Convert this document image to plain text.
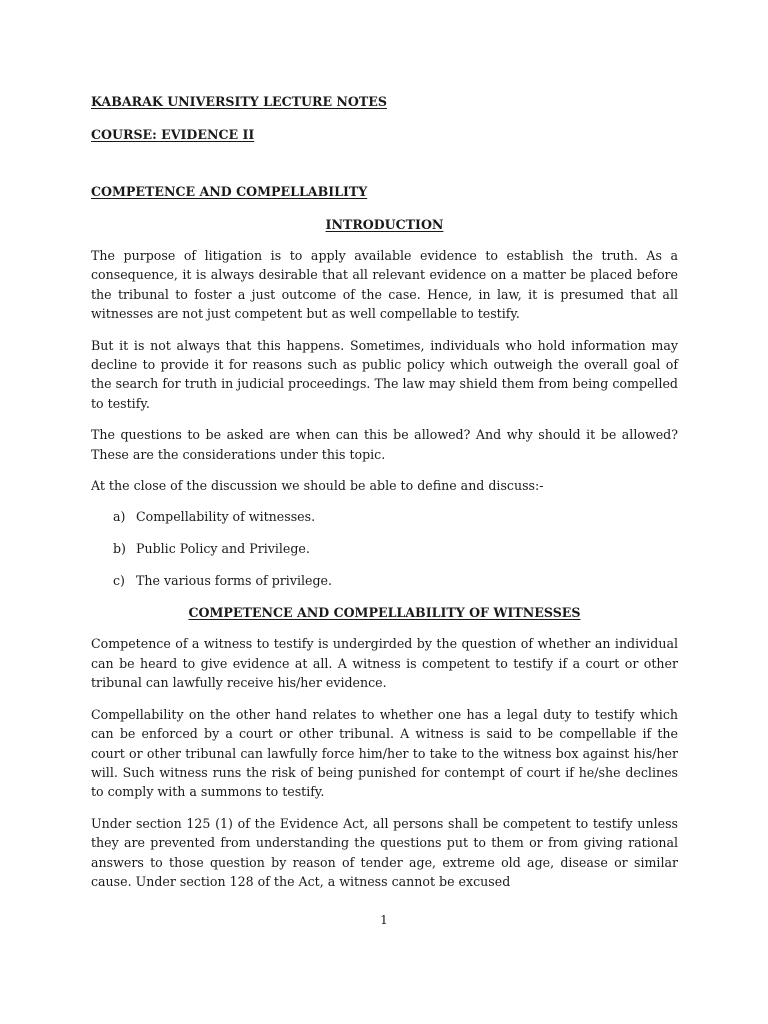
KABARAK UNIVERSITY LECTURE NOTES

COURSE: EVIDENCE II

COMPETENCE AND COMPELLABILITY

INTRODUCTION

The purpose of litigation is to apply available evidence to establish the truth. As a consequence, it is always desirable that all relevant evidence on a matter be placed before the tribunal to foster a just outcome of the case. Hence, in law, it is presumed that all witnesses are not just competent but as well compellable to testify.

But it is not always that this happens. Sometimes, individuals who hold information may decline to provide it for reasons such as public policy which outweigh the overall goal of the search for truth in judicial proceedings. The law may shield them from being compelled to testify.

The questions to be asked are when can this be allowed? And why should it be allowed? These are the considerations under this topic.

At the close of the discussion we should be able to define and discuss:-

a) Compellability of witnesses.
b) Public Policy and Privilege.
c) The various forms of privilege.

COMPETENCE AND COMPELLABILITY OF WITNESSES

Competence of a witness to testify is undergirded by the question of whether an individual can be heard to give evidence at all. A witness is competent to testify if a court or other tribunal can lawfully receive his/her evidence.

Compellability on the other hand relates to whether one has a legal duty to testify which can be enforced by a court or other tribunal. A witness is said to be compellable if the court or other tribunal can lawfully force him/her to take to the witness box against his/her will. Such witness runs the risk of being punished for contempt of court if he/she declines to comply with a summons to testify.

Under section 125 (1) of the Evidence Act, all persons shall be competent to testify unless they are prevented from understanding the questions put to them or from giving rational answers to those question by reason of tender age, extreme old age, disease or similar cause. Under section 128 of the Act, a witness cannot be excused

1
